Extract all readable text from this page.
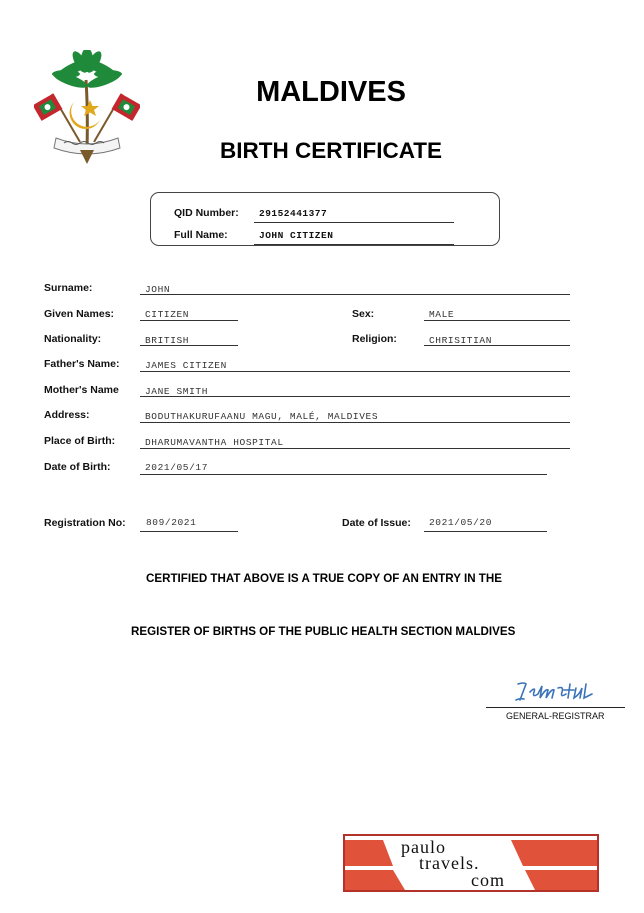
MALDIVES
BIRTH CERTIFICATE
QID Number: 29152441377
Full Name:	JOHN CITIZEN
Surname:	JOHN
Given Names:	CITIZEN	Sex:	MALE
Nationality:	BRITISH	Religion:	CHRISITIAN
Father's Name:	JAMES CITIZEN
Mother's Name	JANE SMITH
Address:	BODUTHAKURUFAANU MAGU, MALÉ, MALDIVES
Place of Birth:	DHARUMAVANTHA HOSPITAL
Date of Birth:	2021/05/17
Registration No: 809/2021	Date of Issue: 2021/05/20
CERTIFIED THAT ABOVE IS A TRUE COPY OF AN ENTRY IN THE
REGISTER OF BIRTHS OF THE PUBLIC HEALTH SECTION MALDIVES
GENERAL-REGISTRAR
paulo
travels.
com
